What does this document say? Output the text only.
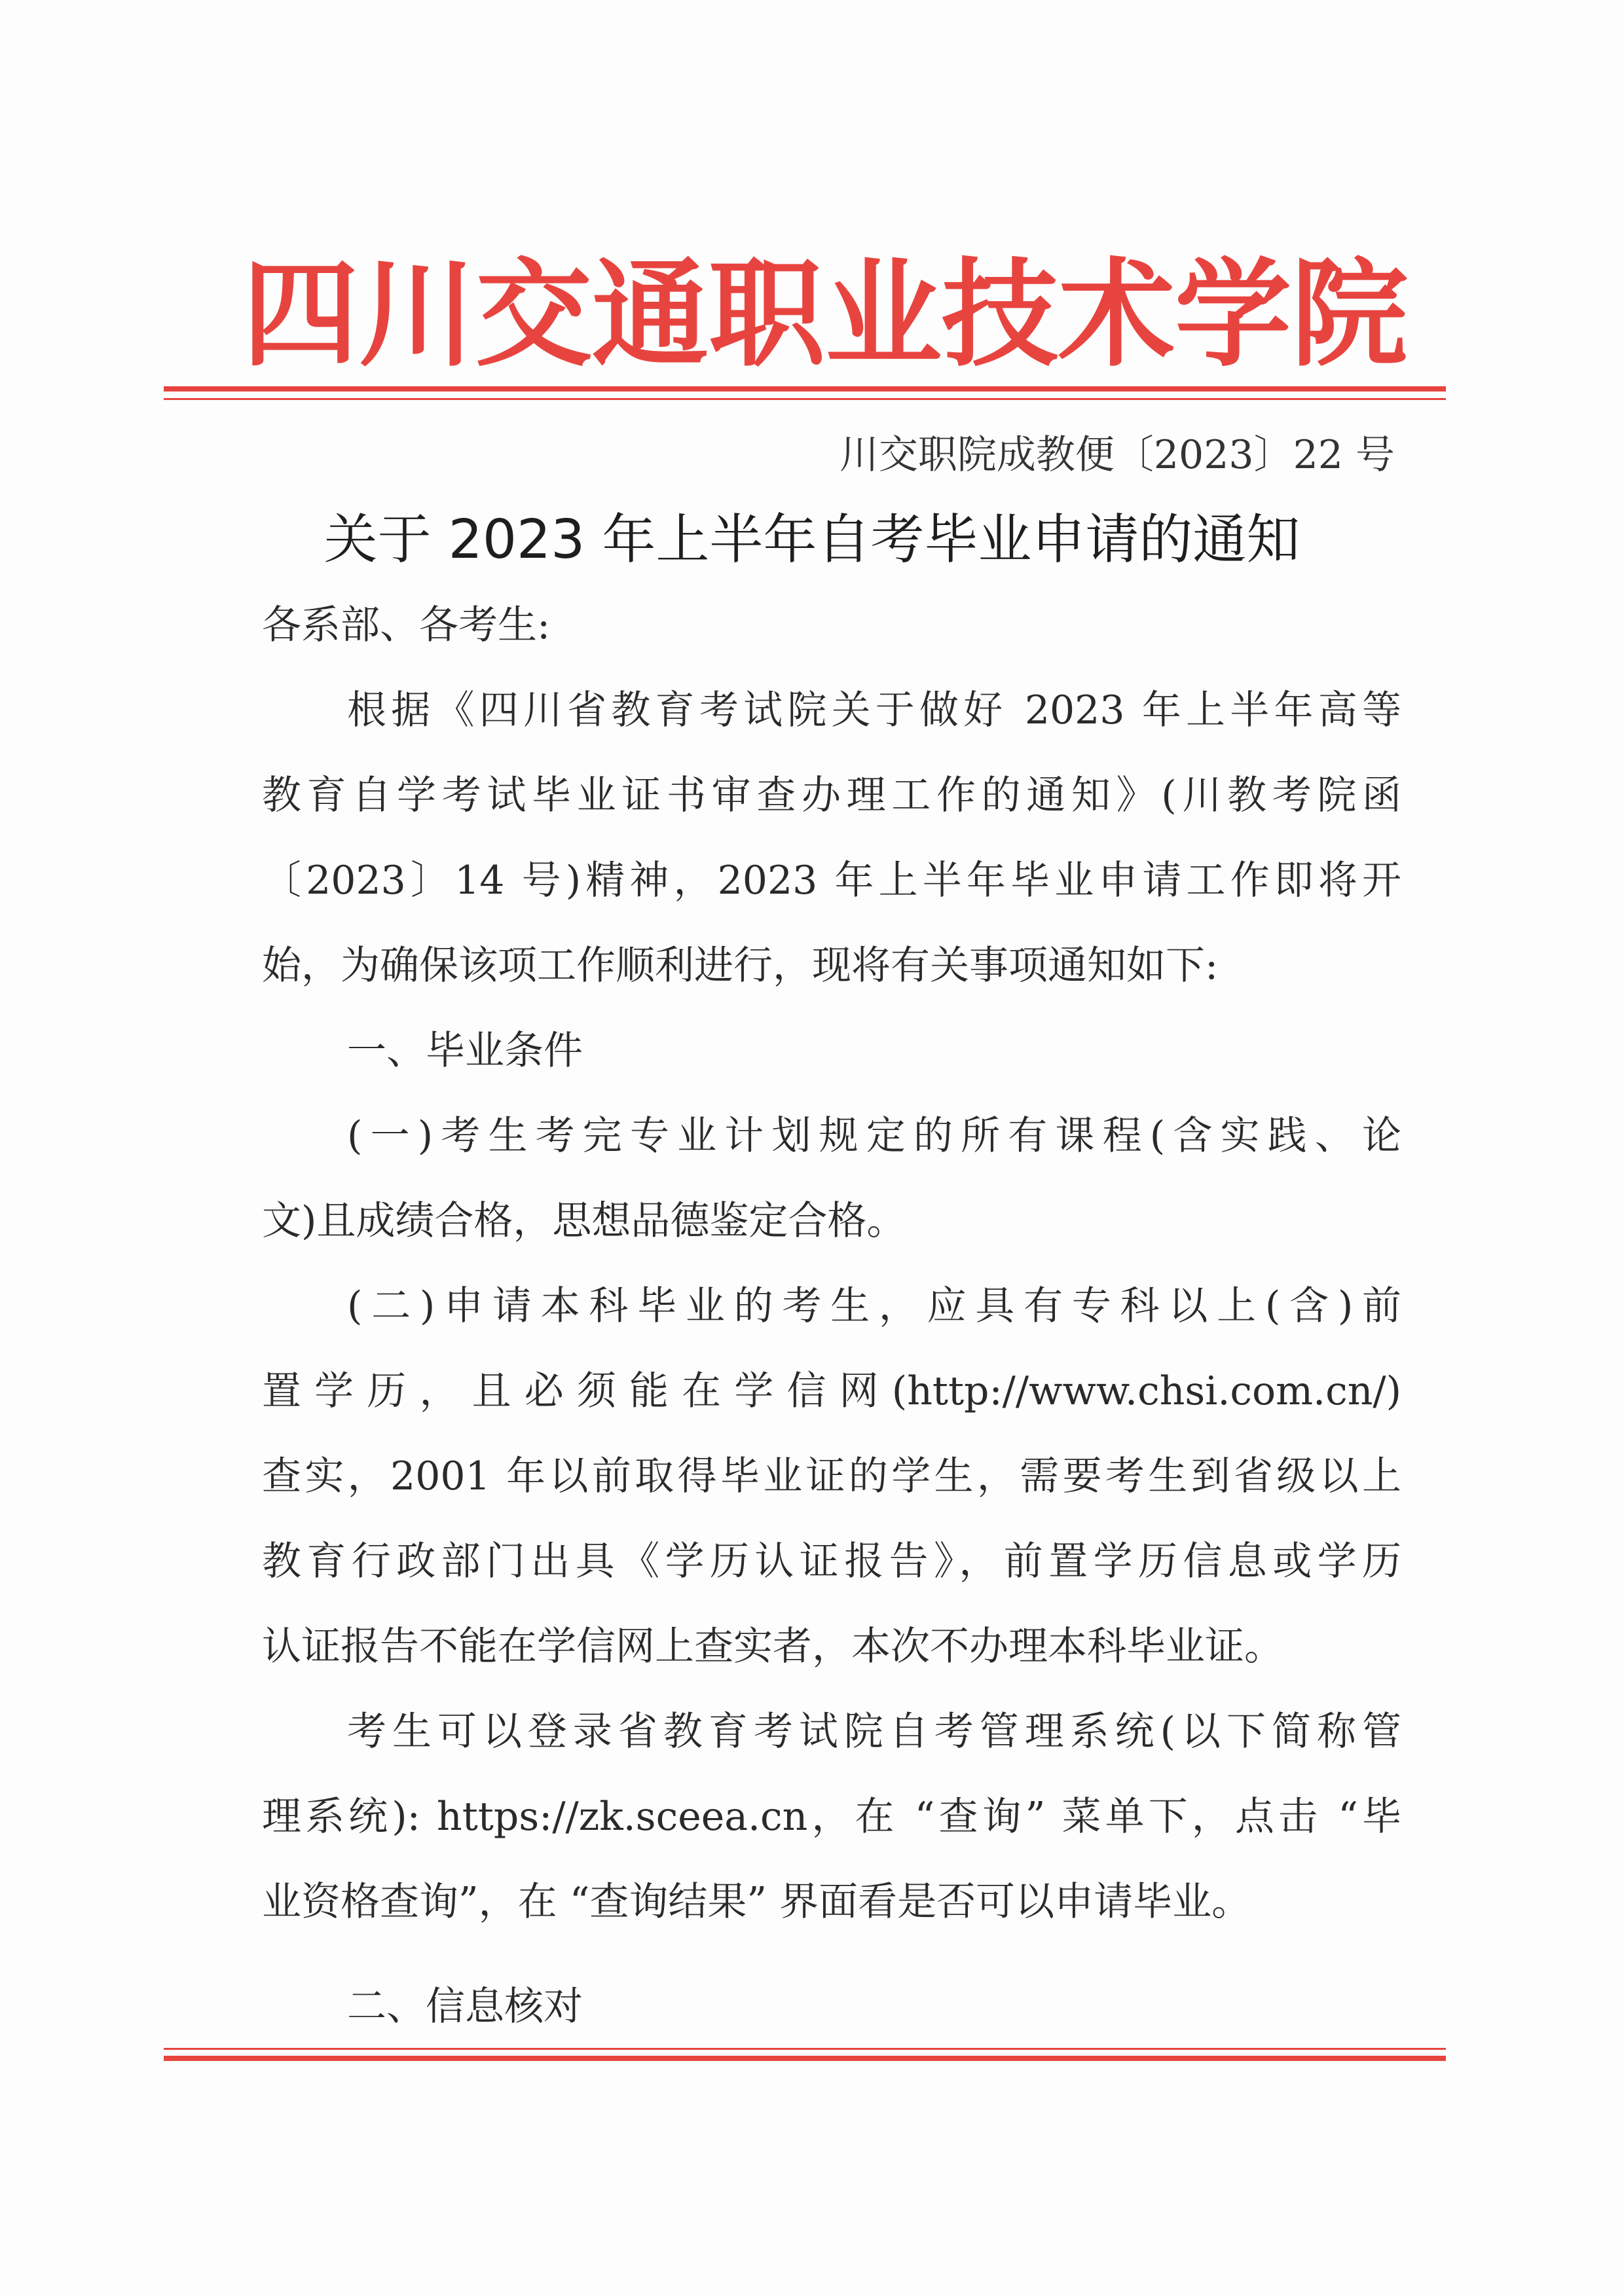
四 川 交 通 职 业 技 术 学 院
川交职院成教便〔2023〕22 号
关于 2023 年上半年自考毕业申请的通知
各系部、各考生:
根据《四川省教育考试院关于做好 2023 年上半年高等
教育自学考试毕业证书审查办理工作的通知》(川教考院函
〔2023〕14 号)精神，2023 年上半年毕业申请工作即将开
始，为确保该项工作顺利进行，现将有关事项通知如下:
一、毕业条件
(一)考生考完专业计划规定的所有课程(含实践、论
文)且成绩合格，思想品德鉴定合格。
(二)申请本科毕业的考生，应具有专科以上(含)前
置学历，且必须能在学信网(http://www.chsi.com.cn/)
查实，2001 年以前取得毕业证的学生，需要考生到省级以上
教育行政部门出具《学历认证报告》，前置学历信息或学历
认证报告不能在学信网上查实者，本次不办理本科毕业证。
考生可以登录省教育考试院自考管理系统(以下简称管
理系统): https://zk.sceea.cn，在 “查询” 菜单下，点击 “毕
业资格查询”，在 “查询结果” 界面看是否可以申请毕业。
二、信息核对
